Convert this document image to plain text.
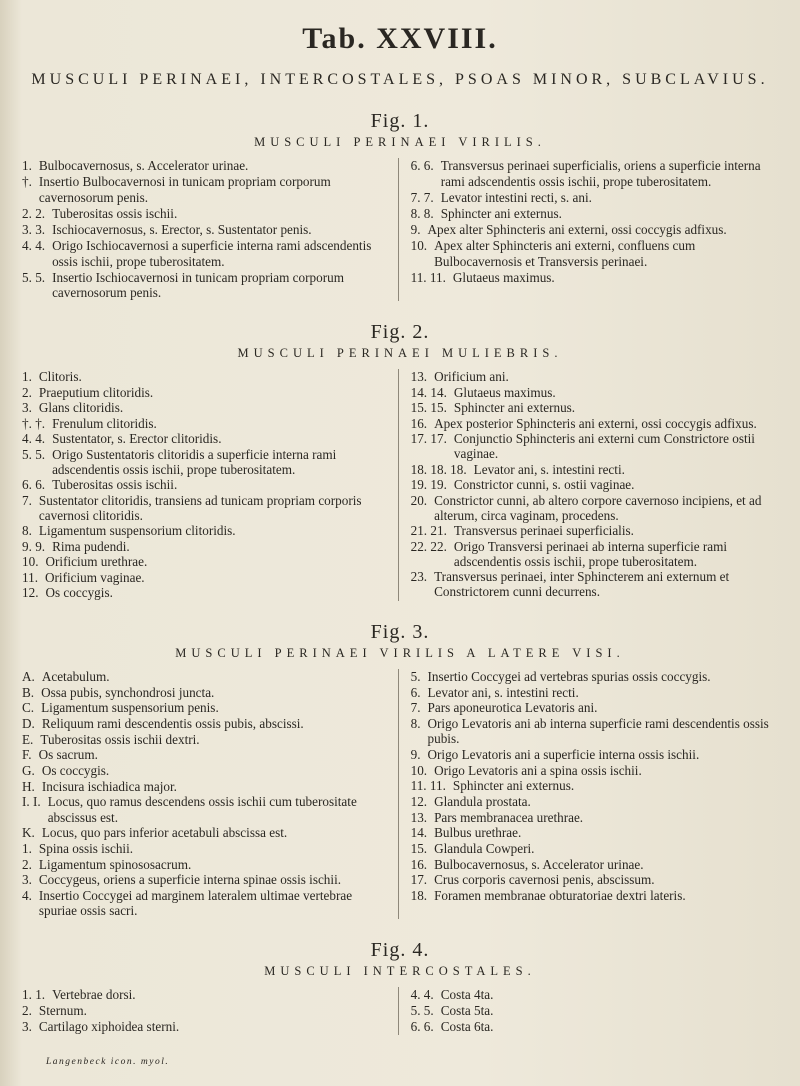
Tab. XXVIII.
MUSCULI PERINAEI, INTERCOSTALES, PSOAS MINOR, SUBCLAVIUS.
Fig. 1.
MUSCULI PERINAEI VIRILIS.
1. Bulbocavernosus, s. Accelerator urinae.
†. Insertio Bulbocavernosi in tunicam propriam corporum cavernosorum penis.
2. 2. Tuberositas ossis ischii.
3. 3. Ischiocavernosus, s. Erector, s. Sustentator penis.
4. 4. Origo Ischiocavernosi a superficie interna rami adscendentis ossis ischii, prope tuberositatem.
5. 5. Insertio Ischiocavernosi in tunicam propriam corporum cavernosorum penis.
6. 6. Transversus perinaei superficialis, oriens a superficie interna rami adscendentis ossis ischii, prope tuberositatem.
7. 7. Levator intestini recti, s. ani.
8. 8. Sphincter ani externus.
9. Apex alter Sphincteris ani externi, ossi coccygis adfixus.
10. Apex alter Sphincteris ani externi, confluens cum Bulbocavernosis et Transversis perinaei.
11. 11. Glutaeus maximus.
Fig. 2.
MUSCULI PERINAEI MULIEBRIS.
1. Clitoris.
2. Praeputium clitoridis.
3. Glans clitoridis.
†. †. Frenulum clitoridis.
4. 4. Sustentator, s. Erector clitoridis.
5. 5. Origo Sustentatoris clitoridis a superficie interna rami adscendentis ossis ischii, prope tuberositatem.
6. 6. Tuberositas ossis ischii.
7. Sustentator clitoridis, transiens ad tunicam propriam corporis cavernosi clitoridis.
8. Ligamentum suspensorium clitoridis.
9. 9. Rima pudendi.
10. Orificium urethrae.
11. Orificium vaginae.
12. Os coccygis.
13. Orificium ani.
14. 14. Glutaeus maximus.
15. 15. Sphincter ani externus.
16. Apex posterior Sphincteris ani externi, ossi coccygis adfixus.
17. 17. Conjunctio Sphincteris ani externi cum Constrictore ostii vaginae.
18. 18. 18. Levator ani, s. intestini recti.
19. 19. Constrictor cunni, s. ostii vaginae.
20. Constrictor cunni, ab altero corpore cavernoso incipiens, et ad alterum, circa vaginam, procedens.
21. 21. Transversus perinaei superficialis.
22. 22. Origo Transversi perinaei ab interna superficie rami adscendentis ossis ischii, prope tuberositatem.
23. Transversus perinaei, inter Sphincterem ani externum et Constrictorem cunni decurrens.
Fig. 3.
MUSCULI PERINAEI VIRILIS A LATERE VISI.
A. Acetabulum.
B. Ossa pubis, synchondrosi juncta.
C. Ligamentum suspensorium penis.
D. Reliquum rami descendentis ossis pubis, abscissi.
E. Tuberositas ossis ischii dextri.
F. Os sacrum.
G. Os coccygis.
H. Incisura ischiadica major.
I. I. Locus, quo ramus descendens ossis ischii cum tuberositate abscissus est.
K. Locus, quo pars inferior acetabuli abscissa est.
1. Spina ossis ischii.
2. Ligamentum spinososacrum.
3. Coccygeus, oriens a superficie interna spinae ossis ischii.
4. Insertio Coccygei ad marginem lateralem ultimae vertebrae spuriae ossis sacri.
5. Insertio Coccygei ad vertebras spurias ossis coccygis.
6. Levator ani, s. intestini recti.
7. Pars aponeurotica Levatoris ani.
8. Origo Levatoris ani ab interna superficie rami descendentis ossis pubis.
9. Origo Levatoris ani a superficie interna ossis ischii.
10. Origo Levatoris ani a spina ossis ischii.
11. 11. Sphincter ani externus.
12. Glandula prostata.
13. Pars membranacea urethrae.
14. Bulbus urethrae.
15. Glandula Cowperi.
16. Bulbocavernosus, s. Accelerator urinae.
17. Crus corporis cavernosi penis, abscissum.
18. Foramen membranae obturatoriae dextri lateris.
Fig. 4.
MUSCULI INTERCOSTALES.
1. 1. Vertebrae dorsi.
2. Sternum.
3. Cartilago xiphoidea sterni.
4. 4. Costa 4ta.
5. 5. Costa 5ta.
6. 6. Costa 6ta.
Langenbeck icon. myol.
